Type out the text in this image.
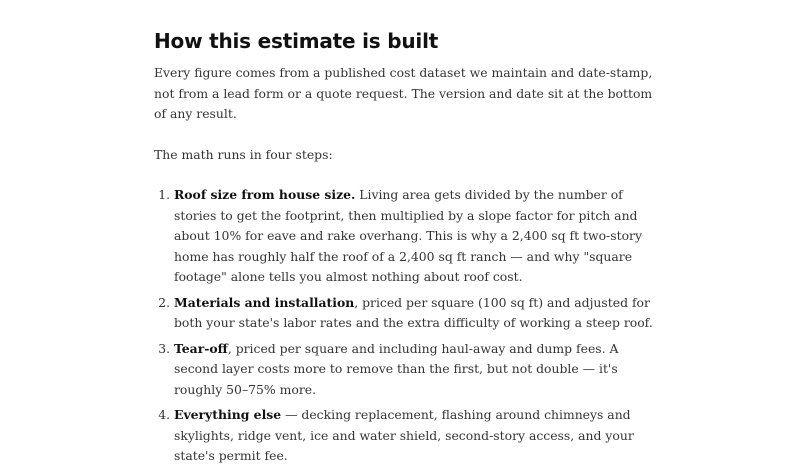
How this estimate is built

Every figure comes from a published cost dataset we maintain and date-stamp, not from a lead form or a quote request. The version and date sit at the bottom of any result.

The math runs in four steps:

1. Roof size from house size. Living area gets divided by the number of stories to get the footprint, then multiplied by a slope factor for pitch and about 10% for eave and rake overhang. This is why a 2,400 sq ft two-story home has roughly half the roof of a 2,400 sq ft ranch — and why "square footage" alone tells you almost nothing about roof cost.
2. Materials and installation, priced per square (100 sq ft) and adjusted for both your state's labor rates and the extra difficulty of working a steep roof.
3. Tear-off, priced per square and including haul-away and dump fees. A second layer costs more to remove than the first, but not double — it's roughly 50–75% more.
4. Everything else — decking replacement, flashing around chimneys and skylights, ridge vent, ice and water shield, second-story access, and your state's permit fee.
